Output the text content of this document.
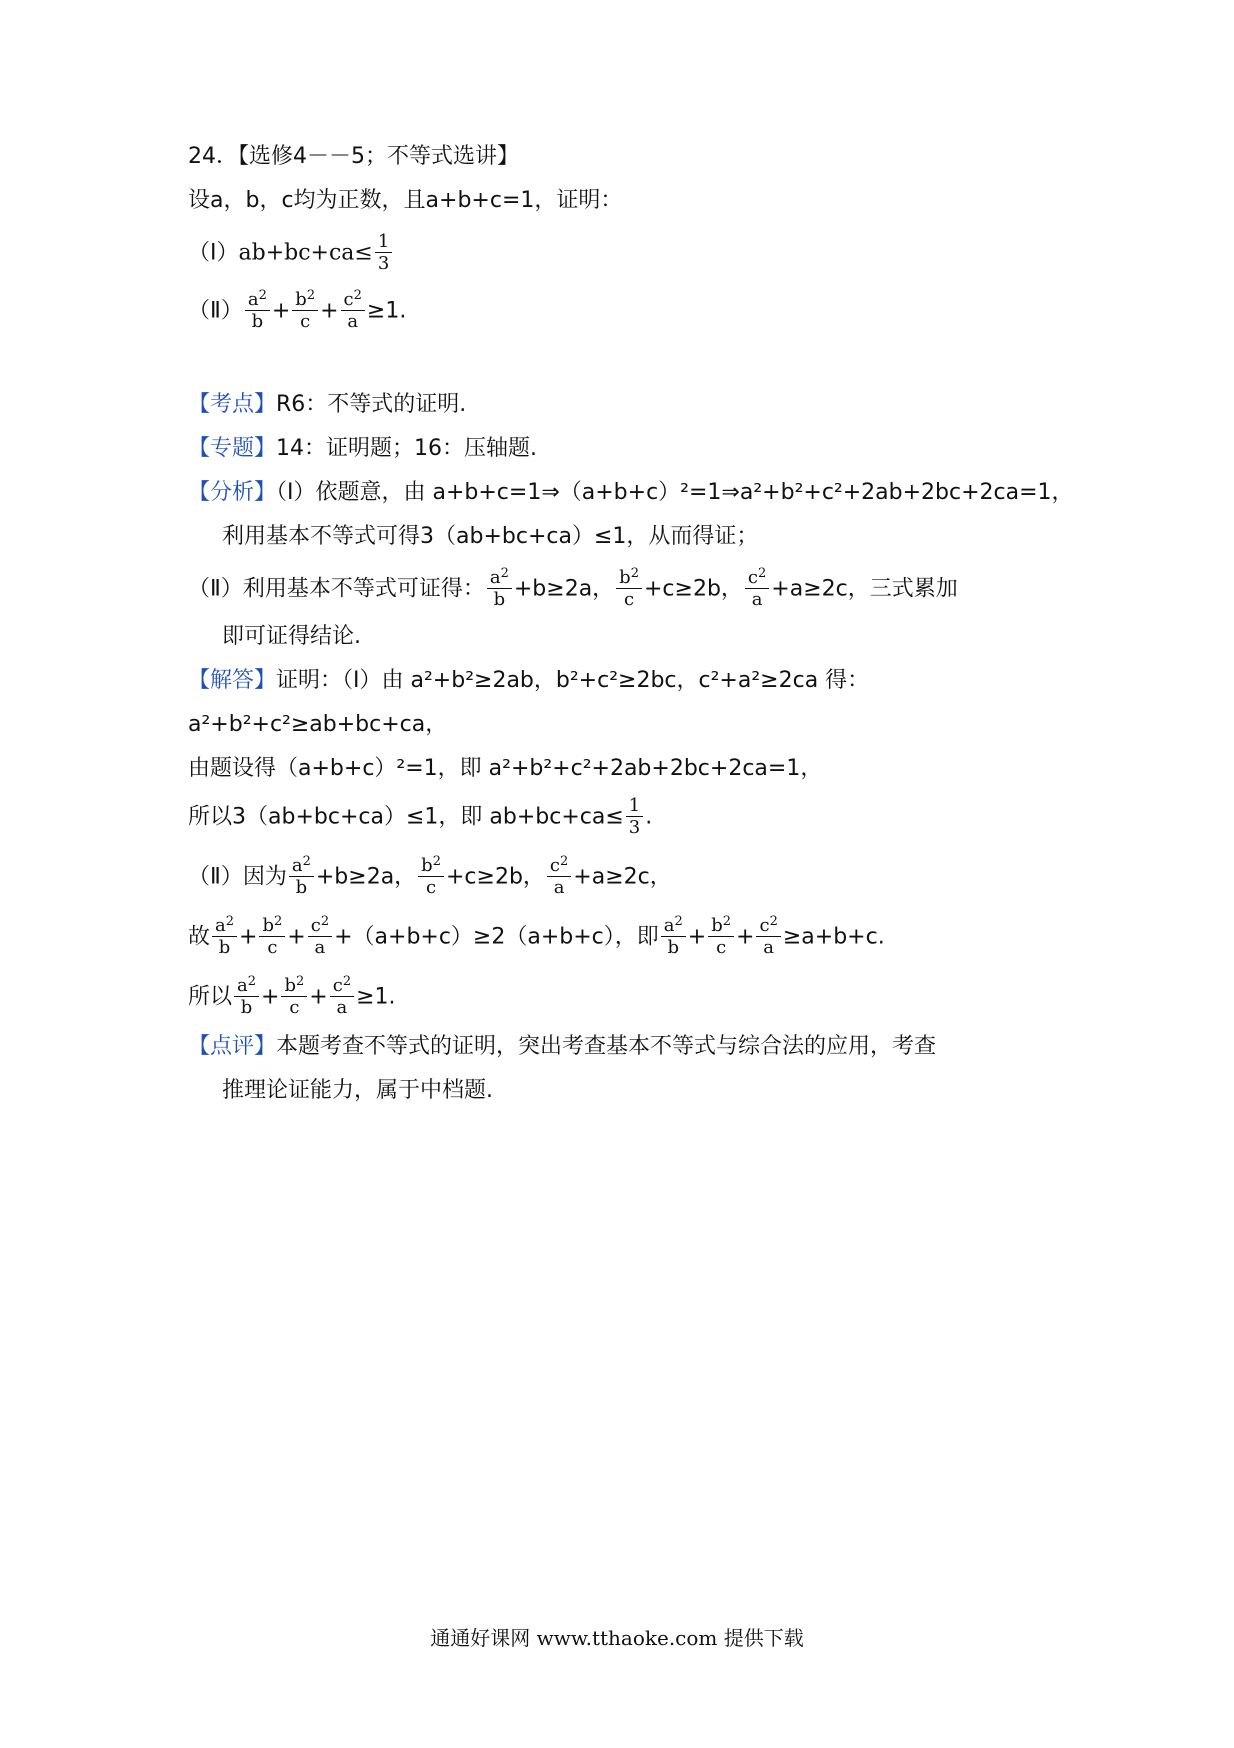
24．【选修4－－5；不等式选讲】
设a，b，c均为正数，且a+b+c=1，证明：
（Ⅰ）ab+bc+ca≤ $\frac{1}{3}$
（Ⅱ） $\frac{a^2}{b} + \frac{b^2}{c} + \frac{c^2}{a} \ge 1$.
【考点】R6：不等式的证明.
【专题】14：证明题；16：压轴题.
【分析】（Ⅰ）依题意，由 a+b+c=1⇒（a+b+c）²=1⇒a²+b²+c²+2ab+2bc+2ca=1，
利用基本不等式可得3（ab+bc+ca）≤1，从而得证；
（Ⅱ）利用基本不等式可证得： $\frac{a^2}{b} +b\ge 2a$， $\frac{b^2}{c} +c\ge 2b$， $\frac{c^2}{a} +a\ge 2c$，三式累加
即可证得结论.
【解答】证明：（Ⅰ）由 a²+b²≥2ab，b²+c²≥2bc，c²+a²≥2ca 得：
a²+b²+c²≥ab+bc+ca，
由题设得（a+b+c）²=1，即 a²+b²+c²+2ab+2bc+2ca=1，
所以3（ab+bc+ca）≤1，即 $ab+bc+ca\le \frac{1}{3}$ .
（Ⅱ）因为 $\frac{a^2}{b} +b\ge 2a$， $\frac{b^2}{c} +c\ge 2b$， $\frac{c^2}{a} +a\ge 2c$，
故 $\frac{a^2}{b} + \frac{b^2}{c} + \frac{c^2}{a} +(a+b+c)\ge 2(a+b+c)$，即 $\frac{a^2}{b} + \frac{b^2}{c} + \frac{c^2}{a} \ge a+b+c$.
所以 $\frac{a^2}{b} + \frac{b^2}{c} + \frac{c^2}{a} \ge 1$.
【点评】本题考查不等式的证明，突出考查基本不等式与综合法的应用，考查
推理论证能力，属于中档题.
通通好课网 www.tthaoke.com 提供下载
